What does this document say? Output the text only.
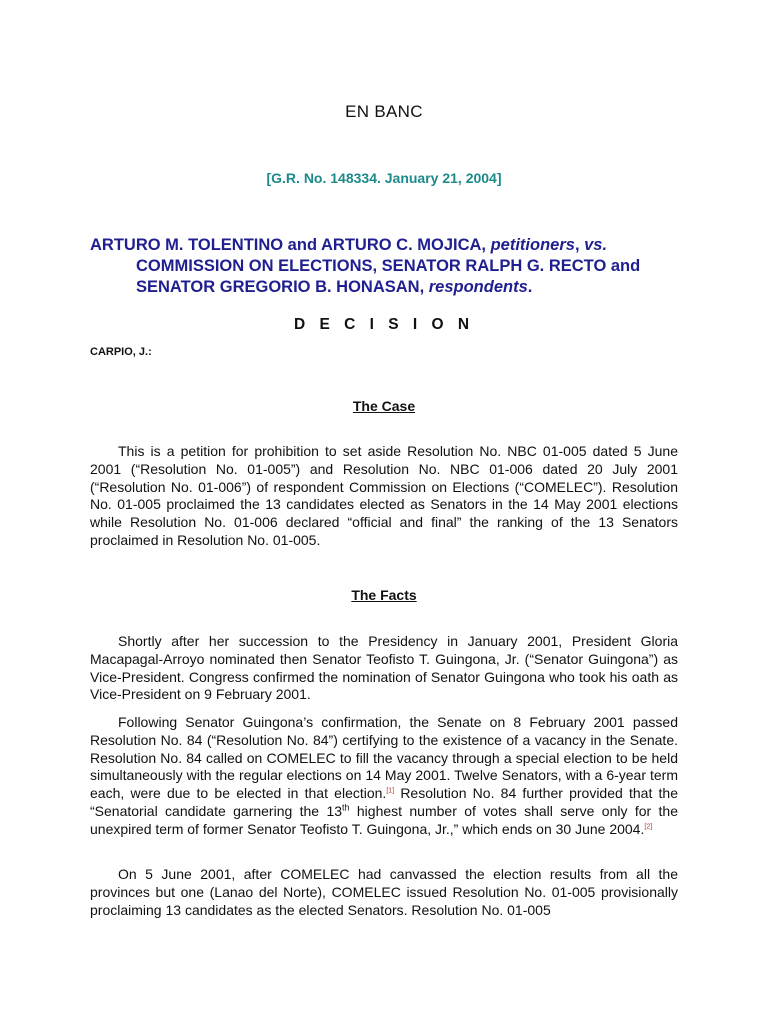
EN BANC
[G.R. No. 148334. January 21, 2004]
ARTURO M. TOLENTINO and ARTURO C. MOJICA, petitioners, vs.
COMMISSION ON ELECTIONS, SENATOR RALPH G. RECTO and
SENATOR GREGORIO B. HONASAN, respondents.
D E C I S I O N
CARPIO, J.:
The Case
This is a petition for prohibition to set aside Resolution No. NBC 01-005 dated 5 June 2001 (“Resolution No. 01-005”) and Resolution No. NBC 01-006 dated 20 July 2001 (“Resolution No. 01-006”) of respondent Commission on Elections (“COMELEC”). Resolution No. 01-005 proclaimed the 13 candidates elected as Senators in the 14 May 2001 elections while Resolution No. 01-006 declared “official and final” the ranking of the 13 Senators proclaimed in Resolution No. 01-005.
The Facts
Shortly after her succession to the Presidency in January 2001, President Gloria Macapagal-Arroyo nominated then Senator Teofisto T. Guingona, Jr. (“Senator Guingona”) as Vice-President. Congress confirmed the nomination of Senator Guingona who took his oath as Vice-President on 9 February 2001.
Following Senator Guingona’s confirmation, the Senate on 8 February 2001 passed Resolution No. 84 (“Resolution No. 84”) certifying to the existence of a vacancy in the Senate. Resolution No. 84 called on COMELEC to fill the vacancy through a special election to be held simultaneously with the regular elections on 14 May 2001. Twelve Senators, with a 6-year term each, were due to be elected in that election.[1] Resolution No. 84 further provided that the “Senatorial candidate garnering the 13th highest number of votes shall serve only for the unexpired term of former Senator Teofisto T. Guingona, Jr.,” which ends on 30 June 2004.[2]
On 5 June 2001, after COMELEC had canvassed the election results from all the provinces but one (Lanao del Norte), COMELEC issued Resolution No. 01-005 provisionally proclaiming 13 candidates as the elected Senators. Resolution No. 01-005
